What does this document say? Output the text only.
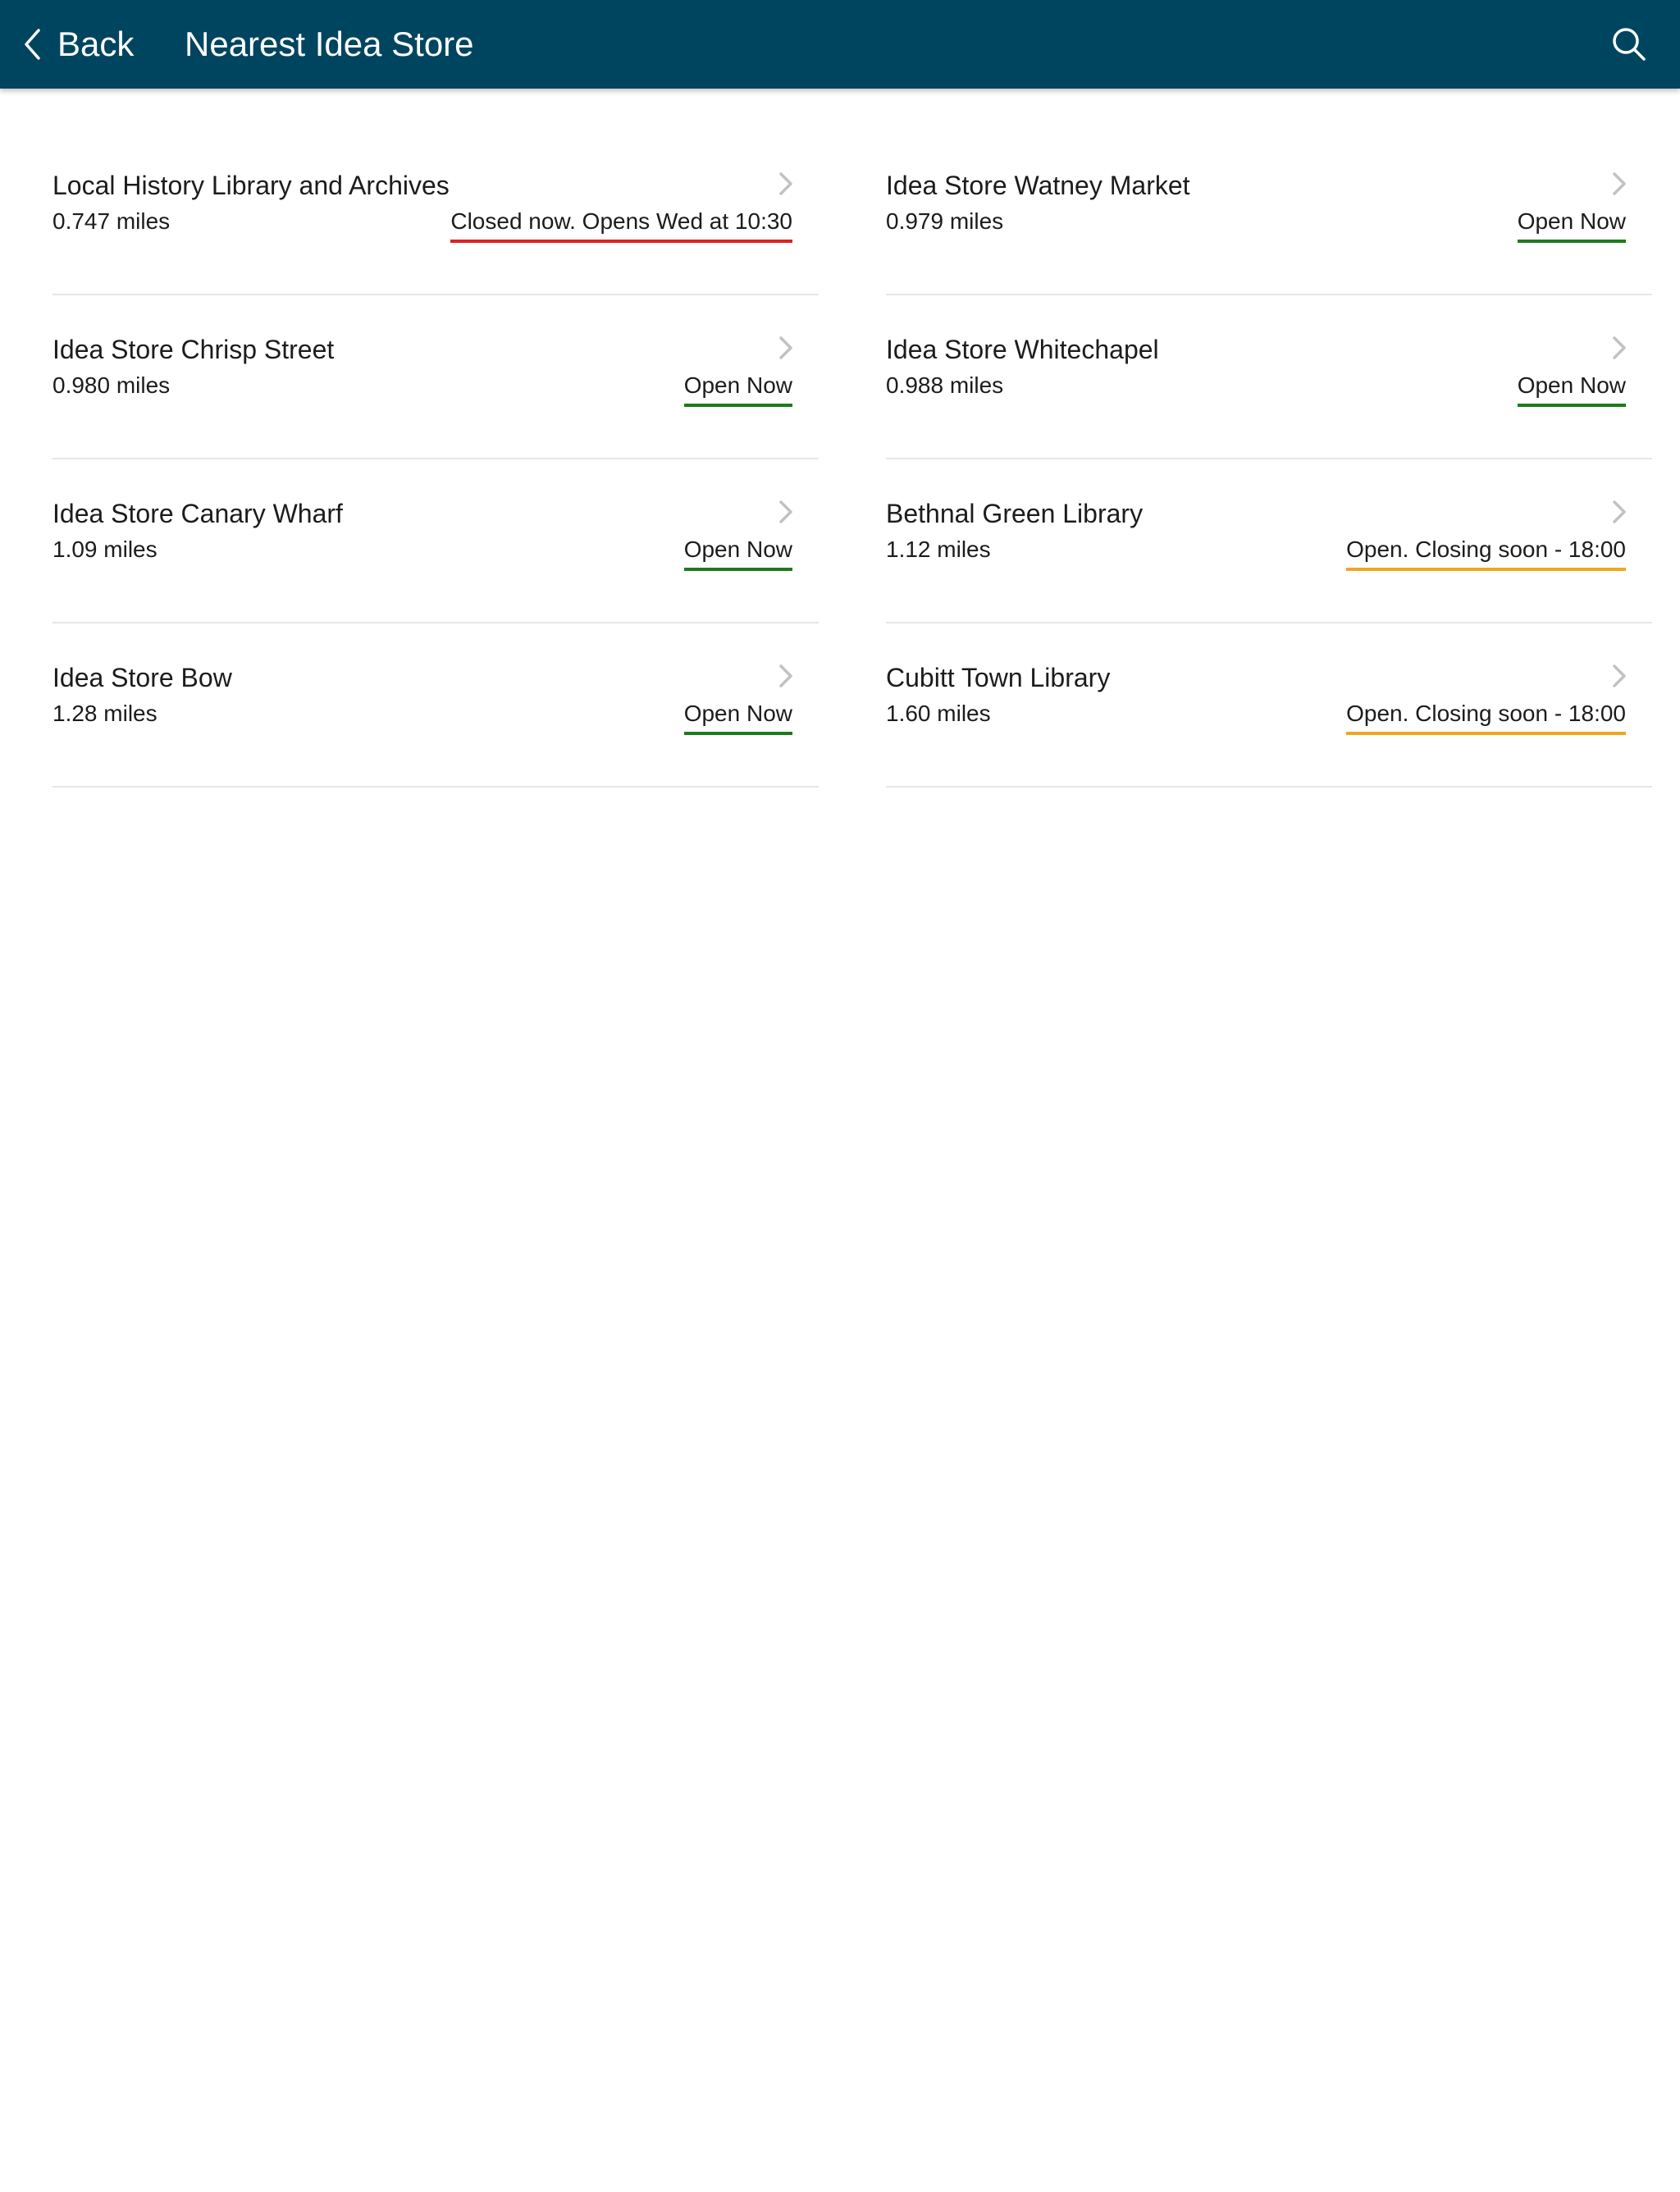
Back Nearest Idea Store
Local History Library and Archives
0.747 miles	Closed now. Opens Wed at 10:30
Idea Store Watney Market
0.979 miles	Open Now
Idea Store Chrisp Street
0.980 miles	Open Now
Idea Store Whitechapel
0.988 miles	Open Now
Idea Store Canary Wharf
1.09 miles	Open Now
Bethnal Green Library
1.12 miles	Open. Closing soon - 18:00
Idea Store Bow
1.28 miles	Open Now
Cubitt Town Library
1.60 miles	Open. Closing soon - 18:00
